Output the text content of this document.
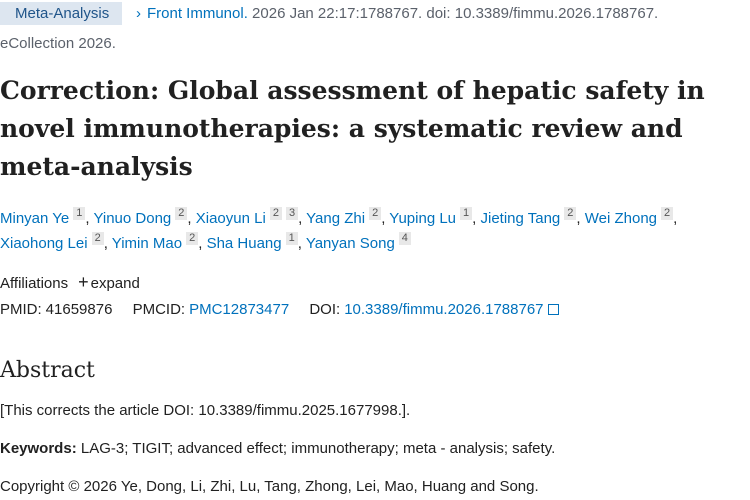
Meta-Analysis	› Front Immunol. 2026 Jan 22:17:1788767. doi: 10.3389/fimmu.2026.1788767.
eCollection 2026.
Correction: Global assessment of hepatic safety in novel immunotherapies: a systematic review and meta-analysis
Minyan Ye $^1$ , Yinuo Dong $^2$ , Xiaoyun Li $^2$ $^3$ , Yang Zhi $^2$ , Yuping Lu $^1$ , Jieting Tang $^2$ , Wei Zhong $^2$ , Xiaohong Lei $^2$ , Yimin Mao $^2$ , Sha Huang $^1$ , Yanyan Song $^4$
Affiliations + expand
PMID: 41659876 PMCID: PMC12873477 DOI: 10.3389/fimmu.2026.1788767
Abstract
[This corrects the article DOI: 10.3389/fimmu.2025.1677998.].
Keywords: LAG-3; TIGIT; advanced effect; immunotherapy; meta - analysis; safety.
Copyright © 2026 Ye, Dong, Li, Zhi, Lu, Tang, Zhong, Lei, Mao, Huang and Song.
